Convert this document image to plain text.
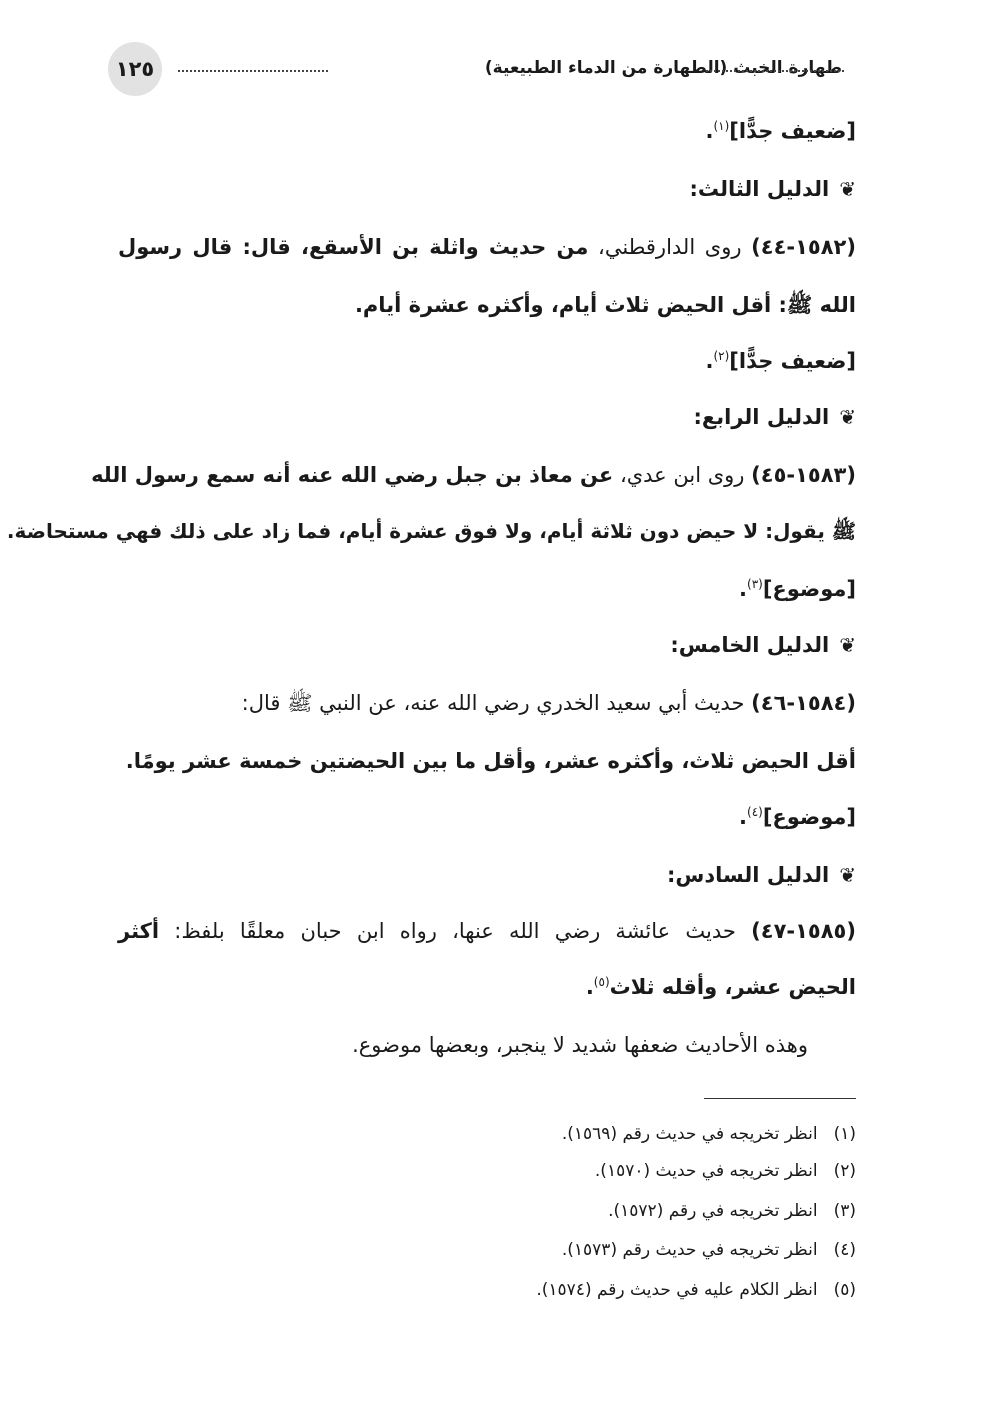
١٢٥	طهارة الخبث (الطهارة من الدماء الطبيعية)
[ضعيف جدًّا]$^{(١)}$.
❦الدليل الثالث:
(١٥٨٢-٤٤) روى الدارقطني، من حديث واثلة بن الأسقع، قال: قال رسول
الله ﷺ: أقل الحيض ثلاث أيام، وأكثره عشرة أيام.
[ضعيف جدًّا]$^{(٢)}$.
❦الدليل الرابع:
(١٥٨٣-٤٥) روى ابن عدي، عن معاذ بن جبل رضي الله عنه أنه سمع رسول الله
ﷺ يقول: لا حيض دون ثلاثة أيام، ولا فوق عشرة أيام، فما زاد على ذلك فهي مستحاضة.
[موضوع]$^{(٣)}$.
❦الدليل الخامس:
(١٥٨٤-٤٦) حديث أبي سعيد الخدري رضي الله عنه، عن النبي ﷺ قال:
أقل الحيض ثلاث، وأكثره عشر، وأقل ما بين الحيضتين خمسة عشر يومًا.
[موضوع]$^{(٤)}$.
❦الدليل السادس:
(١٥٨٥-٤٧) حديث عائشة رضي الله عنها، رواه ابن حبان معلقًا بلفظ: أكثر
الحيض عشر، وأقله ثلاث$^{(٥)}$.
وهذه الأحاديث ضعفها شديد لا ينجبر، وبعضها موضوع.
(١)انظر تخريجه في حديث رقم (١٥٦٩).
(٢)انظر تخريجه في حديث (١٥٧٠).
(٣)انظر تخريجه في رقم (١٥٧٢).
(٤)انظر تخريجه في حديث رقم (١٥٧٣).
(٥)انظر الكلام عليه في حديث رقم (١٥٧٤).
